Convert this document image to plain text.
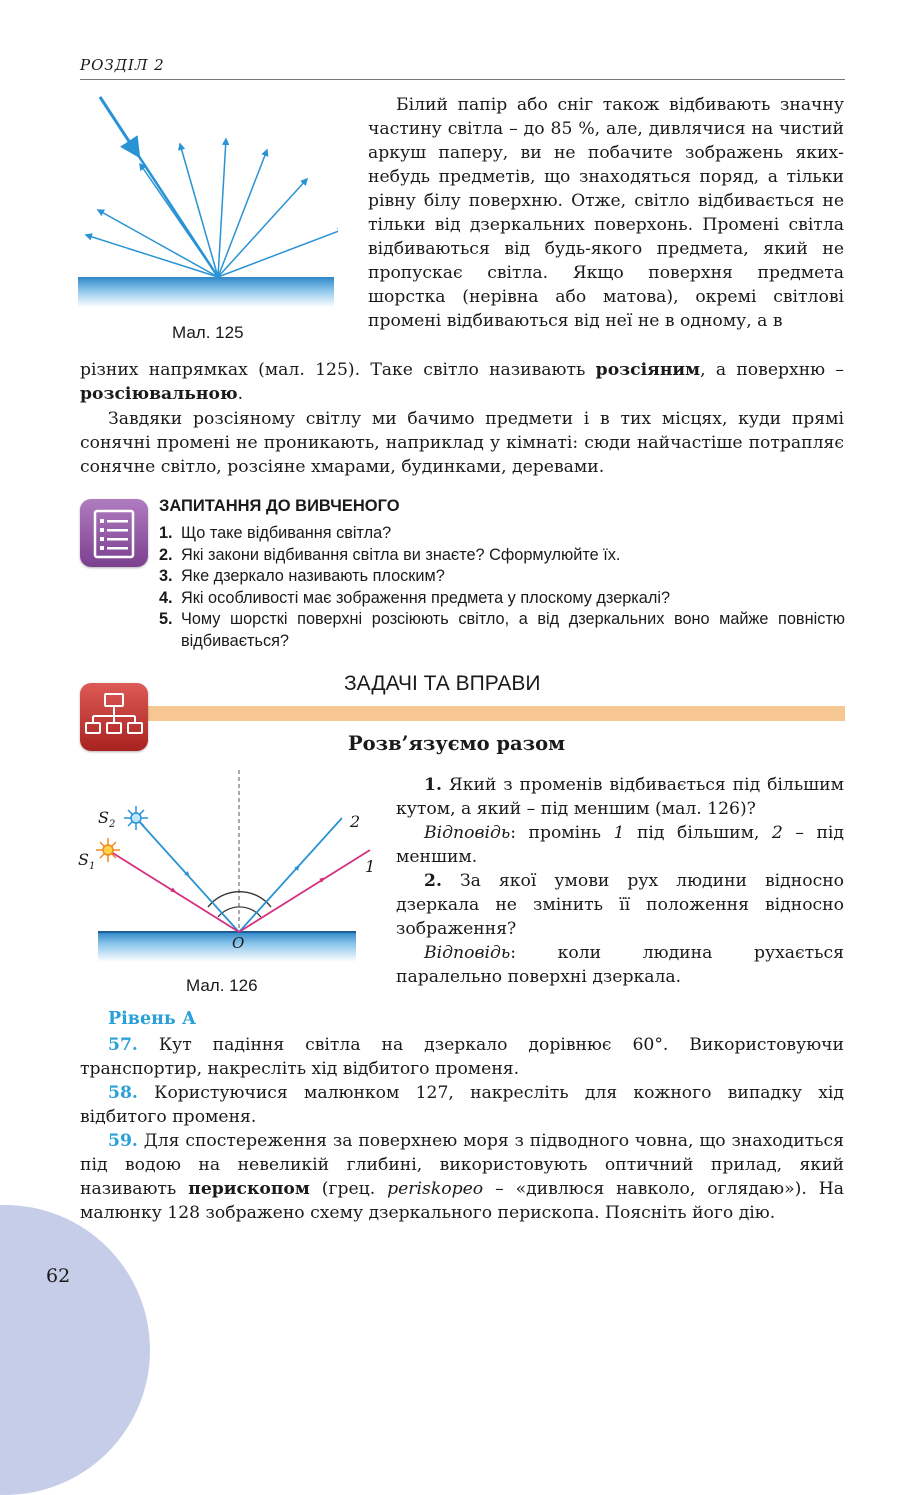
62
РОЗДІЛ 2
Мал. 125
Білий папір або сніг також відбивають значну частину світла – до 85 %, але, дивлячися на чистий аркуш паперу, ви не побачите зображень яких-небудь предметів, що знаходяться поряд, а тільки рівну білу поверхню. Отже, світло відбивається не тільки від дзеркальних поверхонь. Промені світла відбиваються від будь-якого предмета, який не пропускає світла. Якщо поверхня предмета шорстка (нерівна або матова), окремі світлові промені відбиваються від неї не в одному, а в
різних напрямках (мал. 125). Таке світло називають розсіяним, а поверхню – розсіювальною.
Завдяки розсіяному світлу ми бачимо предмети і в тих місцях, куди прямі сонячні промені не проникають, наприклад у кімнаті: сюди найчастіше потрапляє сонячне світло, розсіяне хмарами, будинками, деревами.
ЗАПИТАННЯ ДО ВИВЧЕНОГО
1. Що таке відбивання світла?
2. Які закони відбивання світла ви знаєте? Сформулюйте їх.
3. Яке дзеркало називають плоским?
4. Які особливості має зображення предмета у плоскому дзеркалі?
5. Чому шорсткі поверхні розсіюють світло, а від дзеркальних воно майже повністю відбивається?
ЗАДАЧІ ТА ВПРАВИ
Розв’язуємо разом
$S_2$
$S_1$
2
1
O
Мал. 126
1. Який з променів відбивається під більшим кутом, а який – під меншим (мал. 126)?
Відповідь: промінь 1 під більшим, 2 – під меншим.
2. За якої умови рух людини відносно дзеркала не змінить її положення відносно зображення?
Відповідь: коли людина рухається паралельно поверхні дзеркала.
Рівень А
57. Кут падіння світла на дзеркало дорівнює 60°. Використовуючи транспортир, накресліть хід відбитого променя.
58. Користуючися малюнком 127, накресліть для кожного випадку хід відбитого променя.
59. Для спостереження за поверхнею моря з підводного човна, що знаходиться під водою на невеликій глибині, використовують оптичний прилад, який називають перископом (грец. periskopeo – «дивлюся навколо, оглядаю»). На малюнку 128 зображено схему дзеркального перископа. Поясніть його дію.
